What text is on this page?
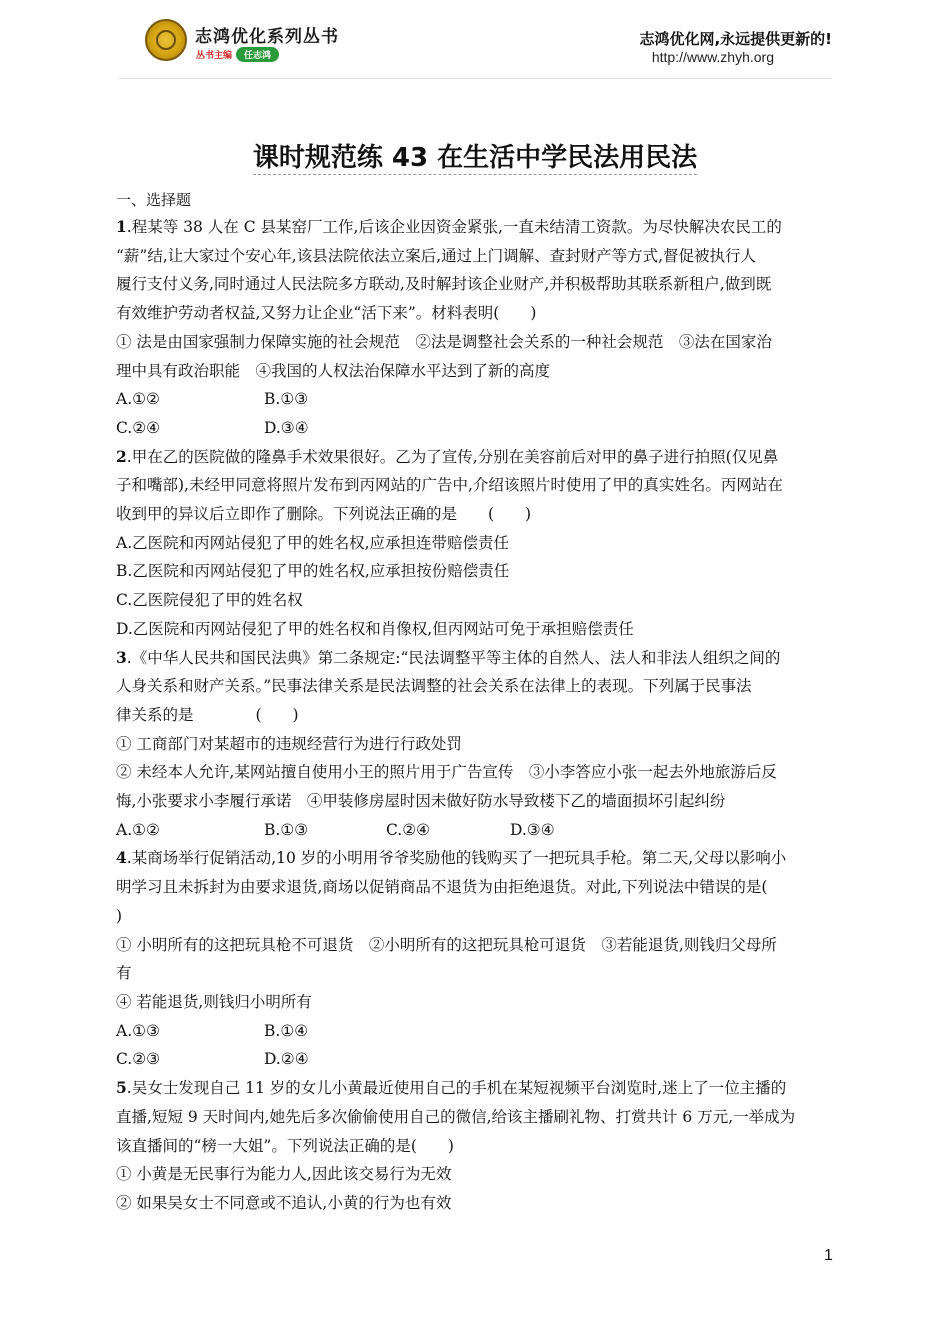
志鸿优化系列丛书
丛书主编	任志鸿
志鸿优化网,永远提供更新的!
http://www.zhyh.org
课时规范练 43 在生活中学民法用民法
一、选择题
1.程某等 38 人在 C 县某窑厂工作,后该企业因资金紧张,一直未结清工资款。为尽快解决农民工的
“薪”结,让大家过个安心年,该县法院依法立案后,通过上门调解、查封财产等方式,督促被执行人
履行支付义务,同时通过人民法院多方联动,及时解封该企业财产,并积极帮助其联系新租户,做到既
有效维护劳动者权益,又努力让企业“活下来”。材料表明(　　)
① 法是由国家强制力保障实施的社会规范　②法是调整社会关系的一种社会规范　③法在国家治
理中具有政治职能　④我国的人权法治保障水平达到了新的高度
A.①②	B.①③
C.②④	D.③④
2.甲在乙的医院做的隆鼻手术效果很好。乙为了宣传,分别在美容前后对甲的鼻子进行拍照(仅见鼻
子和嘴部),未经甲同意将照片发布到丙网站的广告中,介绍该照片时使用了甲的真实姓名。丙网站在
收到甲的异议后立即作了删除。下列说法正确的是　　(　　)
A.乙医院和丙网站侵犯了甲的姓名权,应承担连带赔偿责任
B.乙医院和丙网站侵犯了甲的姓名权,应承担按份赔偿责任
C.乙医院侵犯了甲的姓名权
D.乙医院和丙网站侵犯了甲的姓名权和肖像权,但丙网站可免于承担赔偿责任
3.《中华人民共和国民法典》第二条规定:“民法调整平等主体的自然人、法人和非法人组织之间的
人身关系和财产关系。”民事法律关系是民法调整的社会关系在法律上的表现。下列属于民事法
律关系的是　　　　(　　)
① 工商部门对某超市的违规经营行为进行行政处罚
② 未经本人允许,某网站擅自使用小王的照片用于广告宣传　③小李答应小张一起去外地旅游后反
悔,小张要求小李履行承诺　④甲装修房屋时因未做好防水导致楼下乙的墙面损坏引起纠纷
A.①②	B.①③	C.②④	D.③④
4.某商场举行促销活动,10 岁的小明用爷爷奖励他的钱购买了一把玩具手枪。第二天,父母以影响小
明学习且未拆封为由要求退货,商场以促销商品不退货为由拒绝退货。对此,下列说法中错误的是(
)
① 小明所有的这把玩具枪不可退货　②小明所有的这把玩具枪可退货　③若能退货,则钱归父母所
有
④ 若能退货,则钱归小明所有
A.①③	B.①④
C.②③	D.②④
5.吴女士发现自己 11 岁的女儿小黄最近使用自己的手机在某短视频平台浏览时,迷上了一位主播的
直播,短短 9 天时间内,她先后多次偷偷使用自己的微信,给该主播刷礼物、打赏共计 6 万元,一举成为
该直播间的“榜一大姐”。下列说法正确的是(　　)
① 小黄是无民事行为能力人,因此该交易行为无效
② 如果吴女士不同意或不追认,小黄的行为也有效
1
